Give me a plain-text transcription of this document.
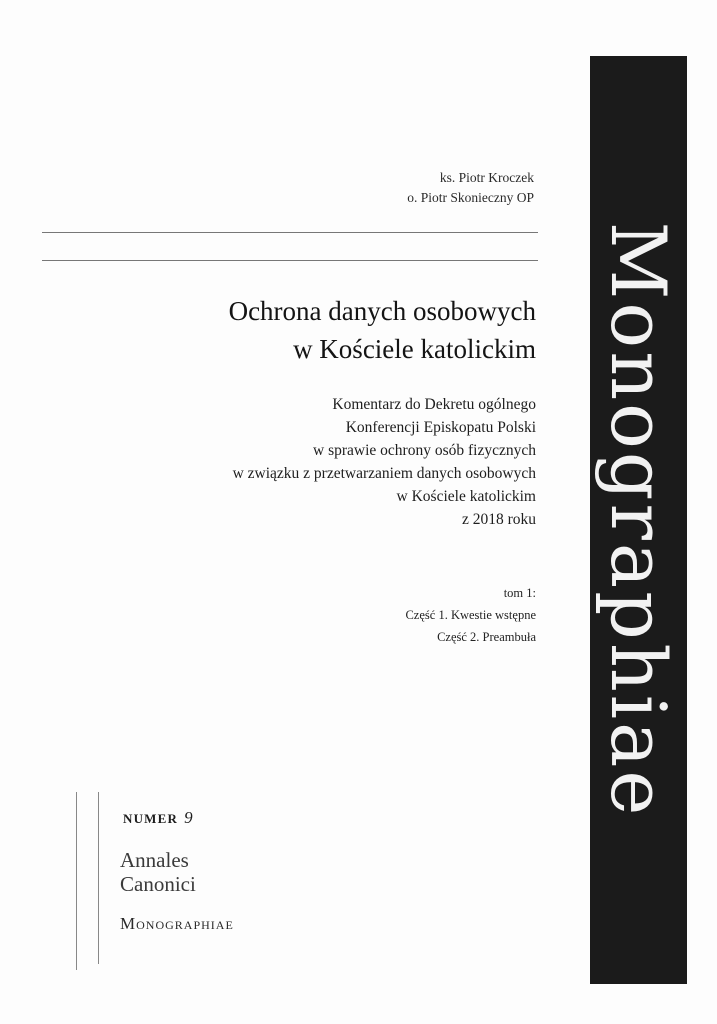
ks. Piotr Kroczek
o. Piotr Skonieczny OP
Ochrona danych osobowych
w Kościele katolickim
Komentarz do Dekretu ogólnego
Konferencji Episkopatu Polski
w sprawie ochrony osób fizycznych
w związku z przetwarzaniem danych osobowych
w Kościele katolickim
z 2018 roku
tom 1:
Część 1. Kwestie wstępne
Część 2. Preambuła
NUMER 9
Annales
Canonici
Monographiae
Monographiae
